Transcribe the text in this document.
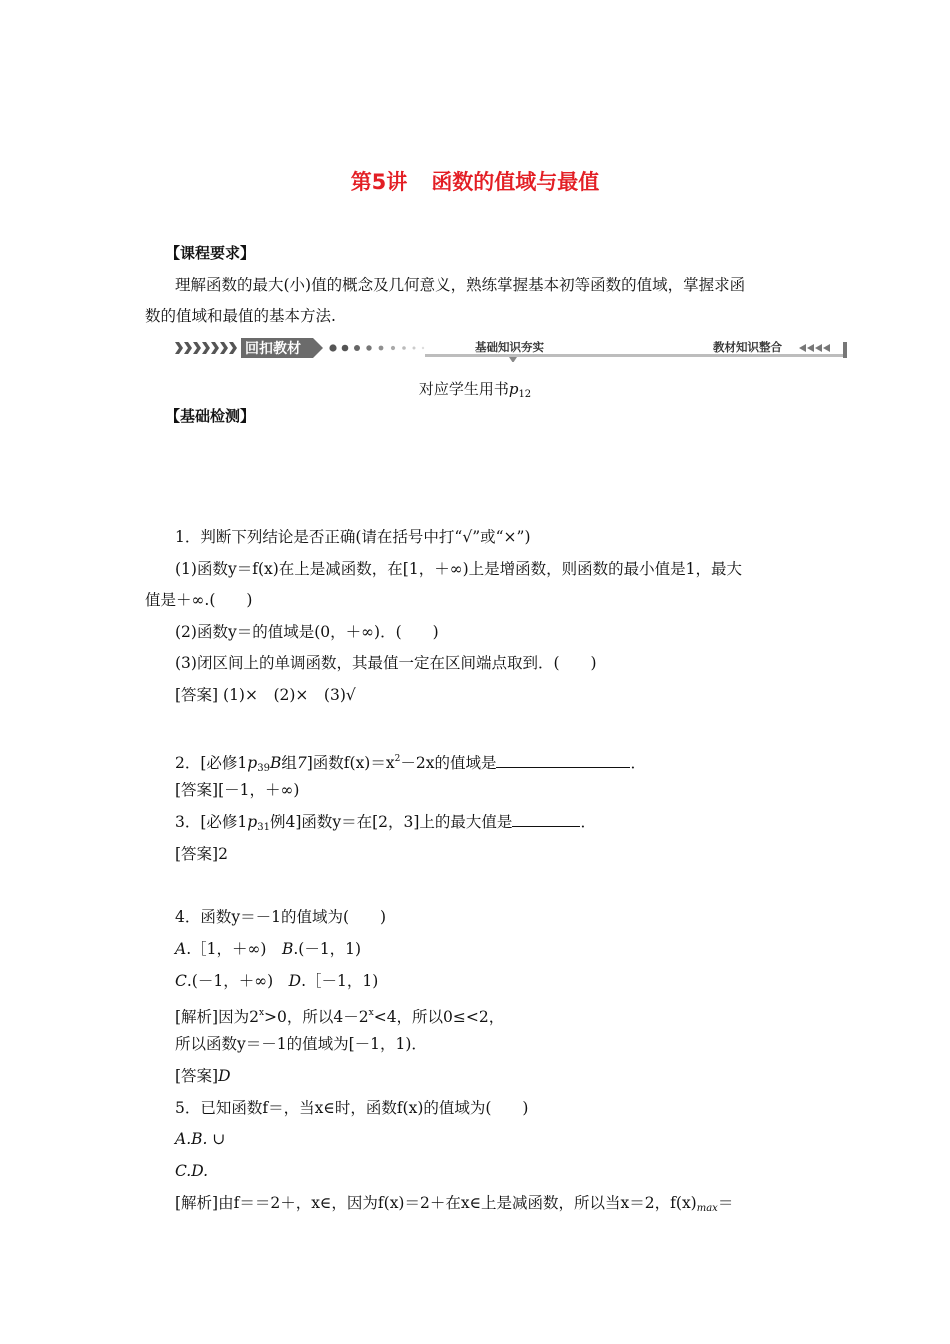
第5讲 函数的值域与最值
【课程要求】
理解函数的最大(小)值的概念及几何意义，熟练掌握基本初等函数的值域，掌握求函
数的值域和最值的基本方法.
回扣教材	基础知识夯实	教材知识整合
对应学生用书$p_{12}$
【基础检测】
1．判断下列结论是否正确(请在括号中打“√”或“×”)
(1)函数y＝f(x)在上是减函数，在[1，＋∞)上是增函数，则函数的最小值是1，最大
值是＋∞.(　　)
(2)函数y＝的值域是(0，＋∞)．(　　)
(3)闭区间上的单调函数，其最值一定在区间端点取到．(　　)
[答案] (1)×　(2)×　(3)√
2．[必修$1p_{39}B$组7]函数$f(x)=x^2-2x$的值域是	．
[答案][－1，＋∞)
3．[必修$1p_{31}$例4]函数y＝在[2，3]上的最大值是	．
[答案]2
4．函数y＝－1的值域为(　　)
A.［1，＋∞)　B.(－1，1)
C.(－1，＋∞)　D.［－1，1)
[解析]因为$2^x>0$，所以$4-2^x<4$，所以0≤<2，
所以函数y＝－1的值域为[－1，1)．
[答案]D
5．已知函数f＝，当x∈时，函数f(x)的值域为(　　)
A.B. ∪
C.D.
[解析]由f＝＝2＋，x∈，因为f(x)＝2＋在x∈上是减函数，所以当x＝2，$f(x)_{max}=$
